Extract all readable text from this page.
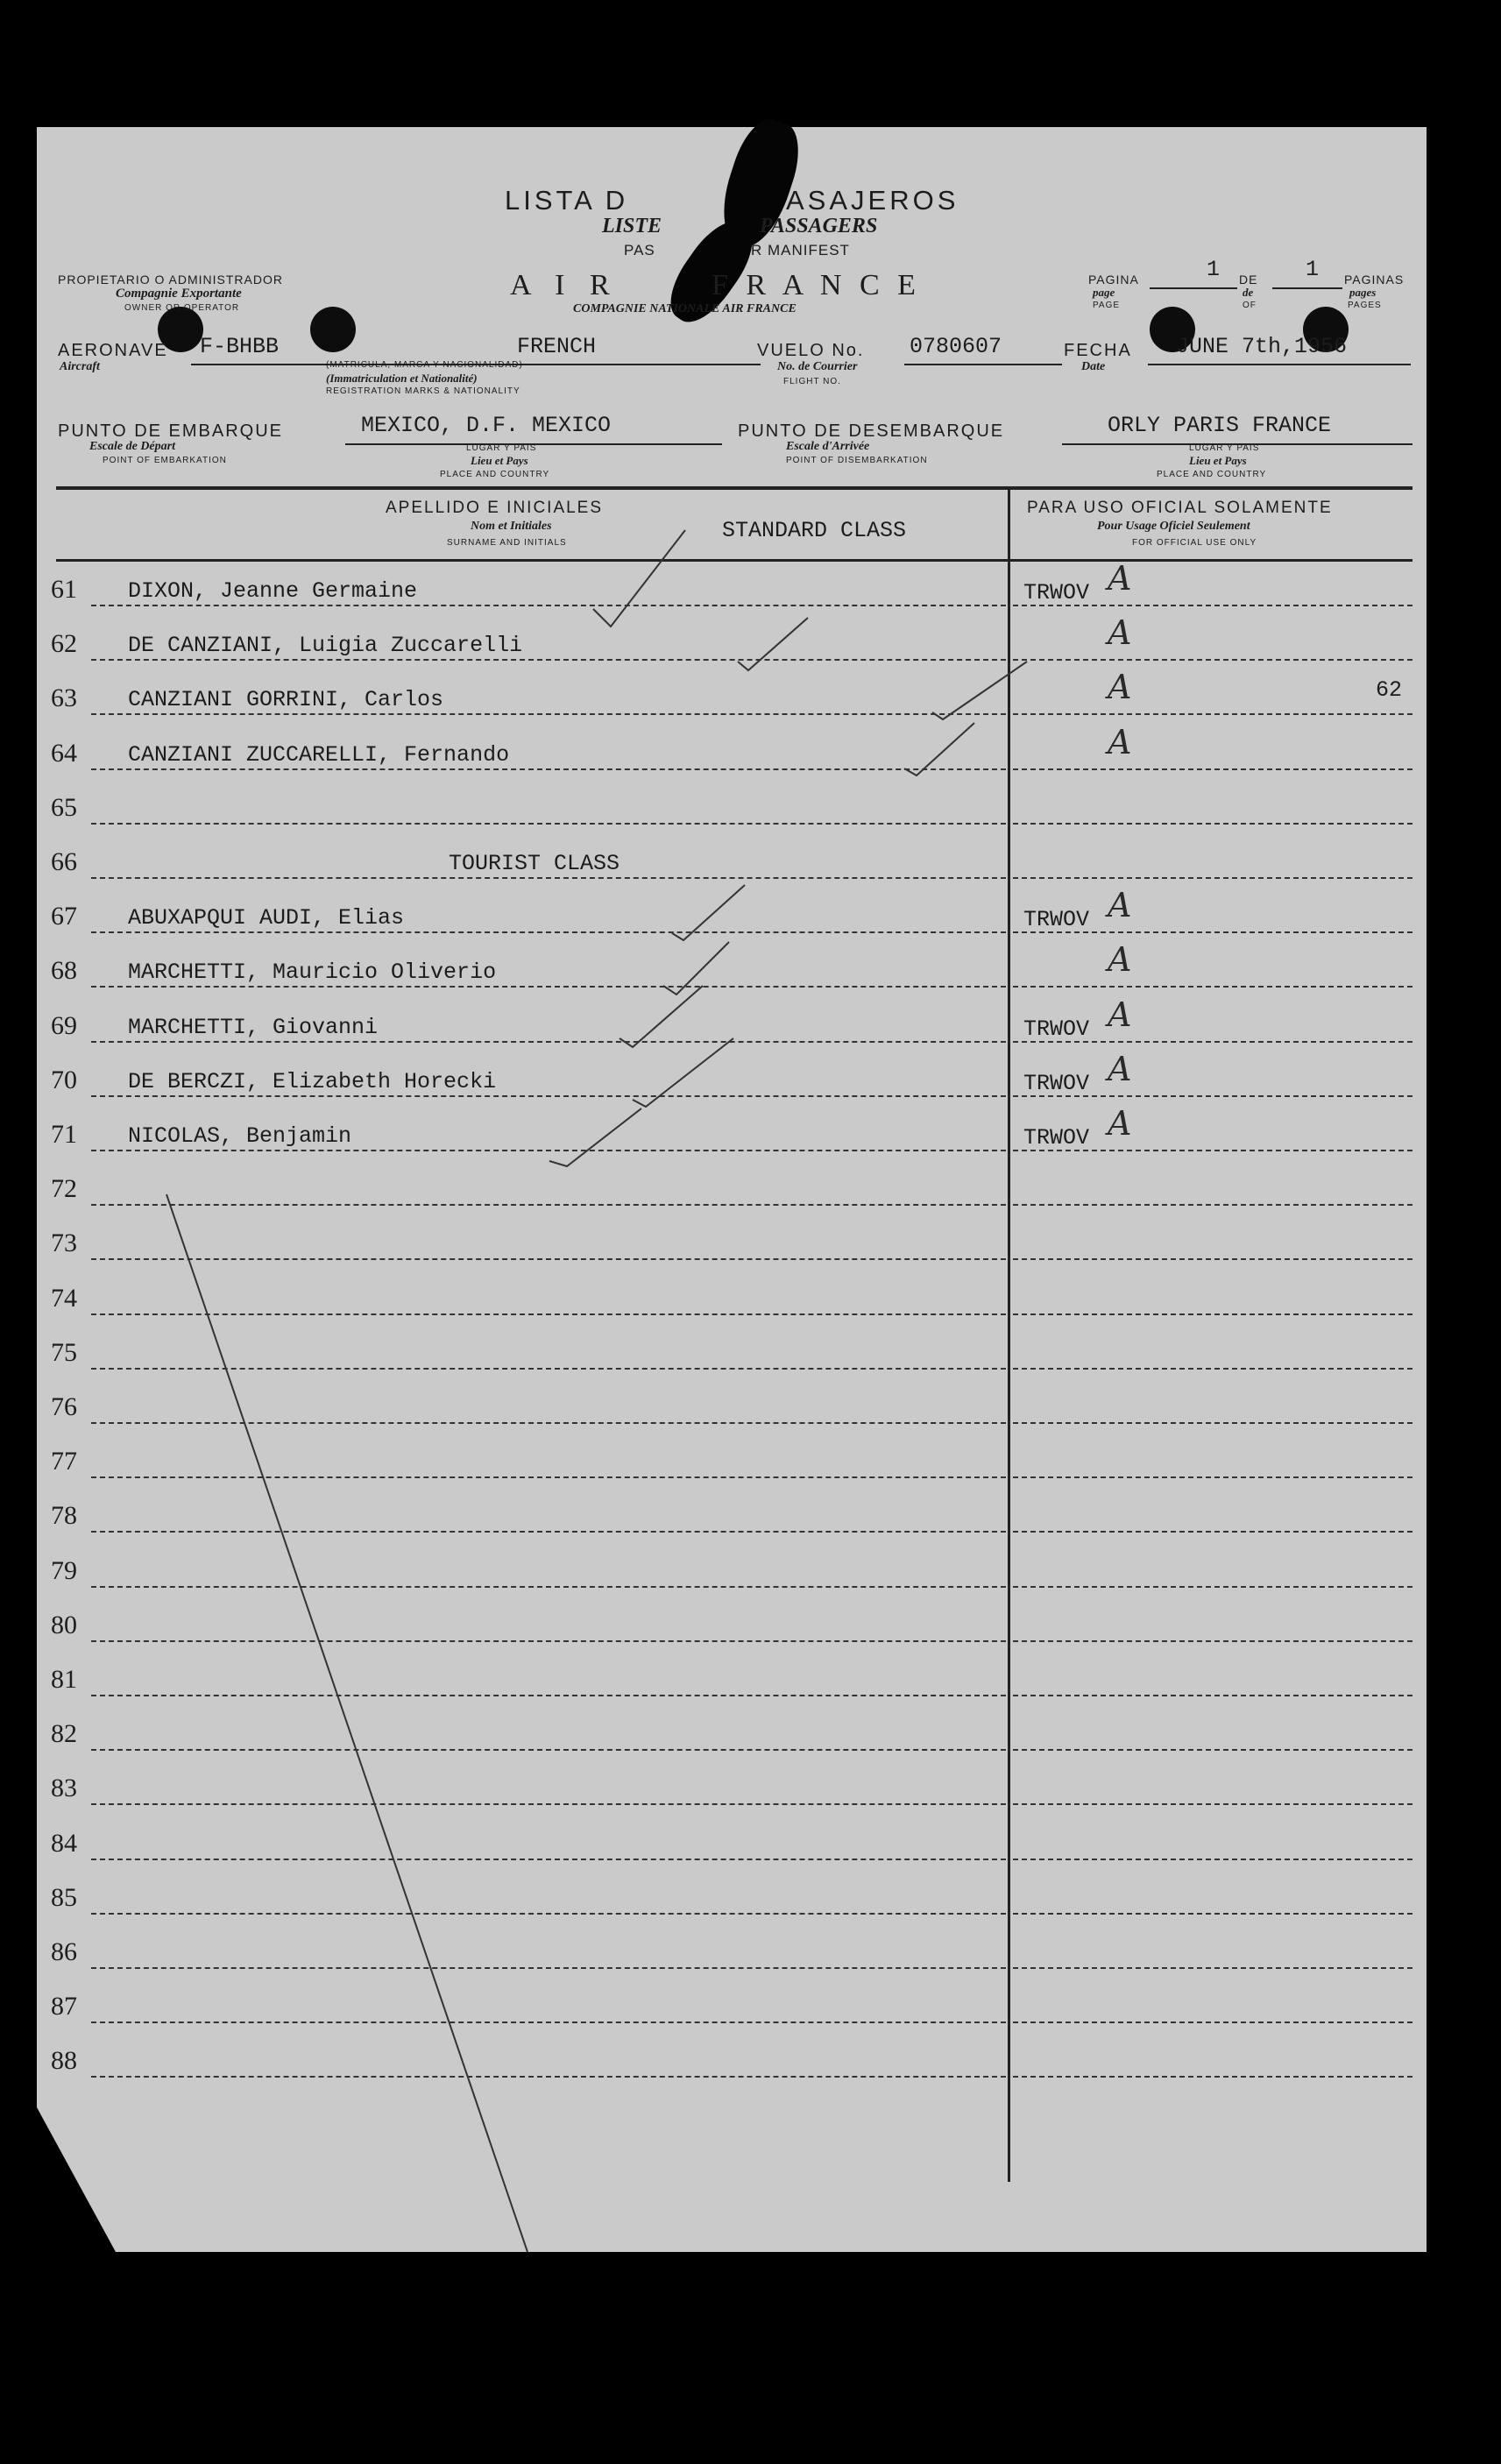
LISTA D	ASAJEROS
LISTE	PASSAGERS
PAS	R MANIFEST
A I R	F R A N C E
COMPAGNIE NATIONALE AIR FRANCE
PROPIETARIO O ADMINISTRADOR
Compagnie Exportante
OWNER OR OPERATOR
PAGINA
page
PAGE
1 DE
de
OF
1 PAGINAS
pages
PAGES
AERONAVE
Aircraft
F-BHBB	FRENCH
(MATRICULA, MARCA Y NACIONALIDAD)
(Immatriculation et Nationalité)
REGISTRATION MARKS & NATIONALITY
VUELO No.
No. de Courrier
FLIGHT NO.
0780607	FECHA
Date
JUNE 7th,1956
PUNTO DE EMBARQUE
Escale de Départ
POINT OF EMBARKATION
MEXICO, D.F. MEXICO
LUGAR Y PAIS
Lieu et Pays
PLACE AND COUNTRY
PUNTO DE DESEMBARQUE
Escale d'Arrivée
POINT OF DISEMBARKATION
ORLY PARIS FRANCE
LUGAR Y PAIS
Lieu et Pays
PLACE AND COUNTRY
APELLIDO E INICIALES
Nom et Initiales
SURNAME AND INITIALS	STANDARD CLASS
PARA USO OFICIAL SOLAMENTE
Pour Usage Oficiel Seulement
FOR OFFICIAL USE ONLY
62
61	DIXON, Jeanne Germaine	TRWOV A
62	DE CANZIANI, Luigia Zuccarelli	A
63	CANZIANI GORRINI, Carlos	A
64	CANZIANI ZUCCARELLI, Fernando	A
65
66	TOURIST CLASS
67	ABUXAPQUI AUDI, Elias	TRWOV A
68	MARCHETTI, Mauricio Oliverio	A
69	MARCHETTI, Giovanni	TRWOV A
70	DE BERCZI, Elizabeth Horecki	TRWOV A
71	NICOLAS, Benjamin	TRWOV A
72
73
74
75
76
77
78
79
80
81
82
83
84
85
86
87
88
